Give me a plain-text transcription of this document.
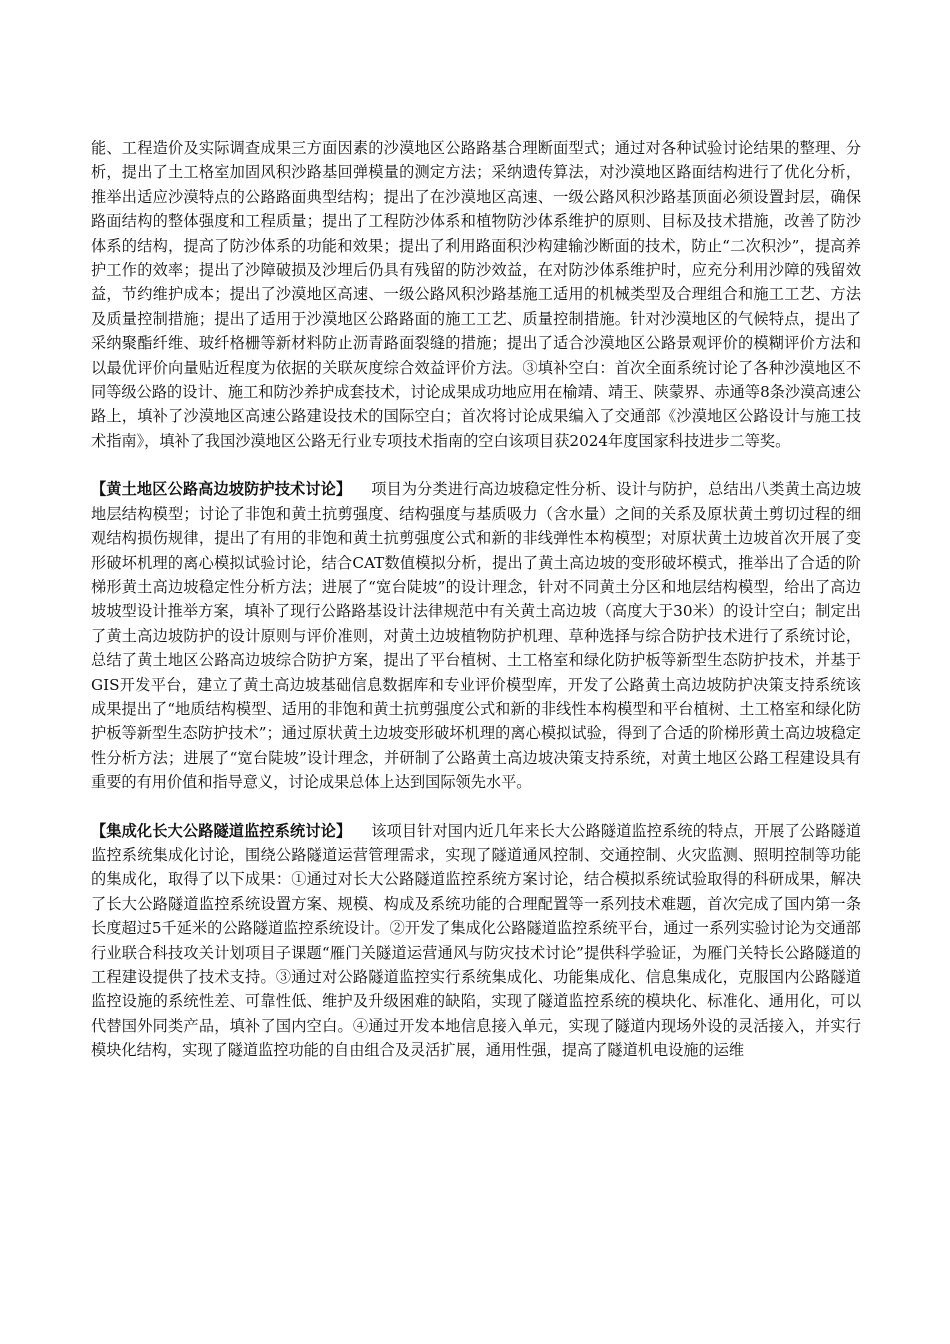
能、工程造价及实际调查成果三方面因素的沙漠地区公路路基合理断面型式；通过对各种试验讨论结果的整理、分析，提出了土工格室加固风积沙路基回弹模量的测定方法；采纳遗传算法，对沙漠地区路面结构进行了优化分析，推举出适应沙漠特点的公路路面典型结构；提出了在沙漠地区高速、一级公路风积沙路基顶面必须设置封层，确保路面结构的整体强度和工程质量；提出了工程防沙体系和植物防沙体系维护的原则、目标及技术措施，改善了防沙体系的结构，提高了防沙体系的功能和效果；提出了利用路面积沙构建输沙断面的技术，防止“二次积沙”，提高养护工作的效率；提出了沙障破损及沙埋后仍具有残留的防沙效益，在对防沙体系维护时，应充分利用沙障的残留效益，节约维护成本；提出了沙漠地区高速、一级公路风积沙路基施工适用的机械类型及合理组合和施工工艺、方法及质量控制措施；提出了适用于沙漠地区公路路面的施工工艺、质量控制措施。针对沙漠地区的气候特点，提出了采纳聚酯纤维、玻纤格栅等新材料防止沥青路面裂缝的措施；提出了适合沙漠地区公路景观评价的模糊评价方法和以最优评价向量贴近程度为依据的关联灰度综合效益评价方法。③填补空白：首次全面系统讨论了各种沙漠地区不同等级公路的设计、施工和防沙养护成套技术，讨论成果成功地应用在榆靖、靖王、陕蒙界、赤通等8条沙漠高速公路上，填补了沙漠地区高速公路建设技术的国际空白；首次将讨论成果编入了交通部《沙漠地区公路设计与施工技术指南》，填补了我国沙漠地区公路无行业专项技术指南的空白该项目获2024年度国家科技进步二等奖。

【黄土地区公路高边坡防护技术讨论】 项目为分类进行高边坡稳定性分析、设计与防护，总结出八类黄土高边坡地层结构模型；讨论了非饱和黄土抗剪强度、结构强度与基质吸力（含水量）之间的关系及原状黄土剪切过程的细观结构损伤规律，提出了有用的非饱和黄土抗剪强度公式和新的非线弹性本构模型；对原状黄土边坡首次开展了变形破坏机理的离心模拟试验讨论，结合CAT数值模拟分析，提出了黄土高边坡的变形破坏模式，推举出了合适的阶梯形黄土高边坡稳定性分析方法；进展了“宽台陡坡”的设计理念，针对不同黄土分区和地层结构模型，给出了高边坡坡型设计推举方案，填补了现行公路路基设计法律规范中有关黄土高边坡（高度大于30米）的设计空白；制定出了黄土高边坡防护的设计原则与评价准则，对黄土边坡植物防护机理、草种选择与综合防护技术进行了系统讨论，总结了黄土地区公路高边坡综合防护方案，提出了平台植树、土工格室和绿化防护板等新型生态防护技术，并基于GIS开发平台，建立了黄土高边坡基础信息数据库和专业评价模型库，开发了公路黄土高边坡防护决策支持系统该成果提出了“地质结构模型、适用的非饱和黄土抗剪强度公式和新的非线性本构模型和平台植树、土工格室和绿化防护板等新型生态防护技术”；通过原状黄土边坡变形破坏机理的离心模拟试验，得到了合适的阶梯形黄土高边坡稳定性分析方法；进展了“宽台陡坡”设计理念，并研制了公路黄土高边坡决策支持系统，对黄土地区公路工程建设具有重要的有用价值和指导意义，讨论成果总体上达到国际领先水平。

【集成化长大公路隧道监控系统讨论】 该项目针对国内近几年来长大公路隧道监控系统的特点，开展了公路隧道监控系统集成化讨论，围绕公路隧道运营管理需求，实现了隧道通风控制、交通控制、火灾监测、照明控制等功能的集成化，取得了以下成果：①通过对长大公路隧道监控系统方案讨论，结合模拟系统试验取得的科研成果，解决了长大公路隧道监控系统设置方案、规模、构成及系统功能的合理配置等一系列技术难题，首次完成了国内第一条长度超过5千延米的公路隧道监控系统设计。②开发了集成化公路隧道监控系统平台，通过一系列实验讨论为交通部行业联合科技攻关计划项目子课题“雁门关隧道运营通风与防灾技术讨论”提供科学验证，为雁门关特长公路隧道的工程建设提供了技术支持。③通过对公路隧道监控实行系统集成化、功能集成化、信息集成化，克服国内公路隧道监控设施的系统性差、可靠性低、维护及升级困难的缺陷，实现了隧道监控系统的模块化、标准化、通用化，可以代替国外同类产品，填补了国内空白。④通过开发本地信息接入单元，实现了隧道内现场外设的灵活接入，并实行模块化结构，实现了隧道监控功能的自由组合及灵活扩展，通用性强，提高了隧道机电设施的运维
